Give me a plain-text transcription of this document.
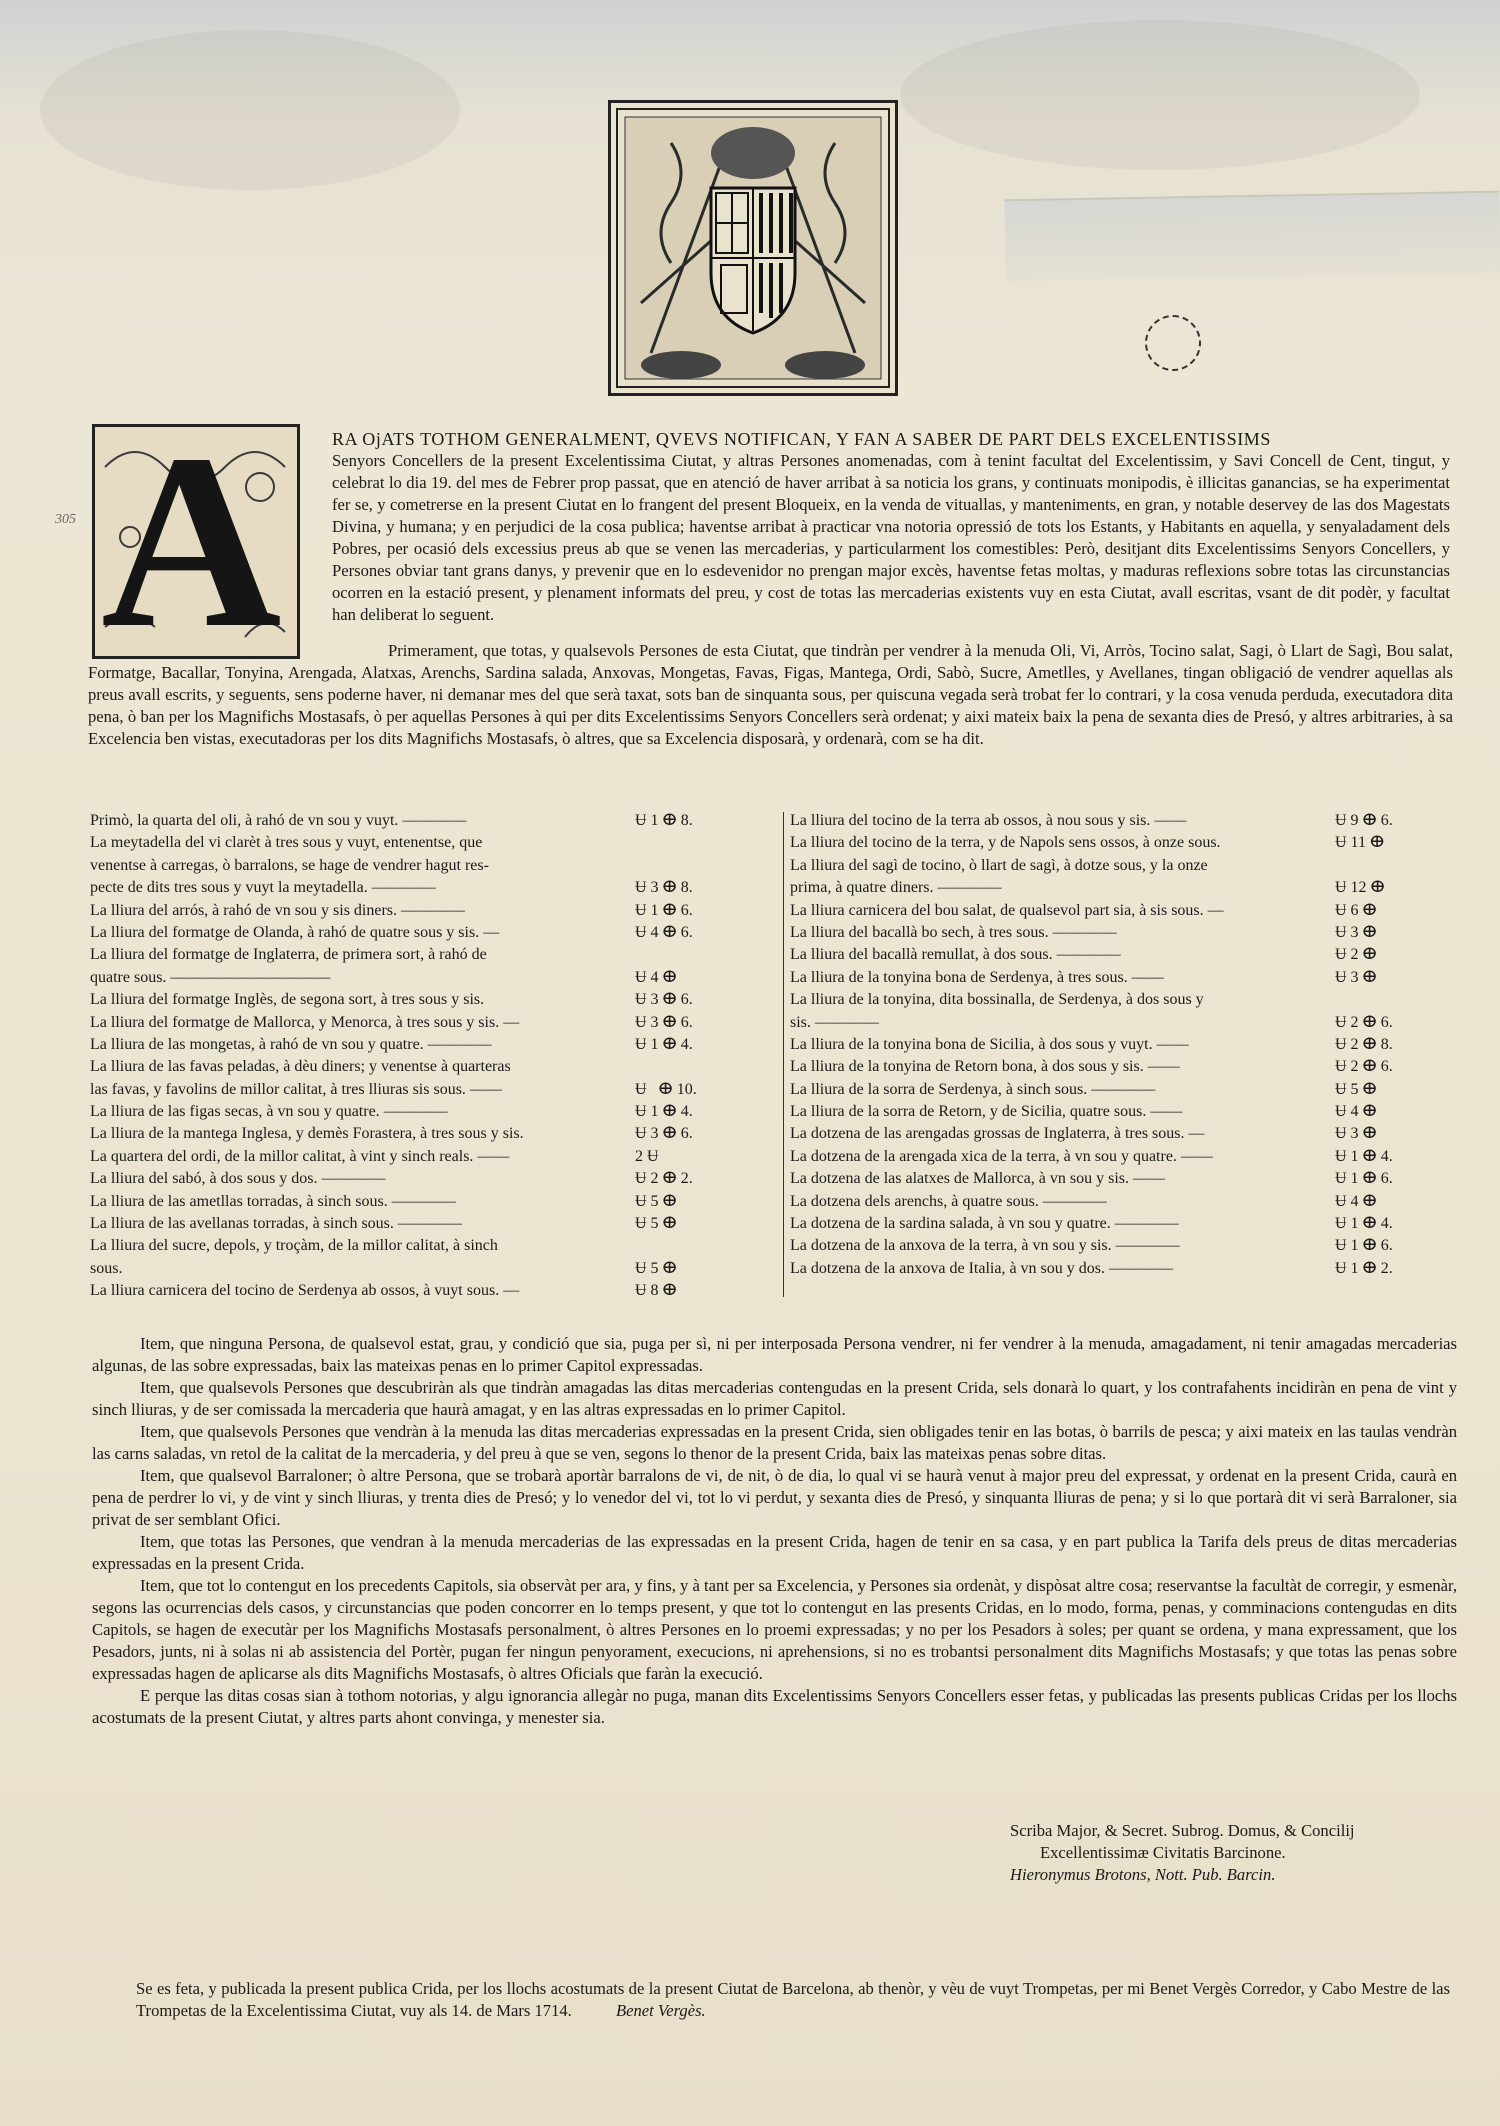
A	RA OjATS TOTHOM GENERALMENT, QVEVS NOTIFICAN, Y FAN A SABER DE PART DELS EXCELENTISSIMS
Senyors Concellers de la present Excelentissima Ciutat, y altras Persones anomenadas, com à tenint facultat del Excelentissim, y Savi Concell de Cent, tingut, y celebrat lo dia 19. del mes de Febrer prop passat, que en atenció de haver arribat à sa noticia los grans, y continuats monipodis, è illicitas ganancias, se ha experimentat fer se, y cometrerse en la present Ciutat en lo frangent del present Bloqueix, en la venda de vituallas, y manteniments, en gran, y notable deservey de las dos Magestats Divina, y humana; y en perjudici de la cosa publica; haventse arribat à practicar vna notoria opressió de tots los Estants, y Habitants en aquella, y senyaladament dels Pobres, per ocasió dels excessius preus ab que se venen las mercaderias, y particularment los comestibles: Però, desitjant dits Excelentissims Senyors Concellers, y Persones obviar tant grans danys, y prevenir que en lo esdevenidor no prengan major excès, haventse fetas moltas, y maduras reflexions sobre totas las circunstancias ocorren en la estació present, y plenament informats del preu, y cost de totas las mercaderias existents vuy en esta Ciutat, avall escritas, vsant de dit podèr, y facultat han deliberat lo seguent.
Primerament, que totas, y qualsevols Persones de esta Ciutat, que tindràn per vendrer à la menuda Oli, Vi, Arròs, Tocino salat, Sagi, ò Llart de Sagì, Bou salat, Formatge, Bacallar, Tonyina, Arengada, Alatxas, Arenchs, Sardina salada, Anxovas, Mongetas, Favas, Figas, Mantega, Ordi, Sabò, Sucre, Ametlles, y Avellanes, tingan obligació de vendrer aquellas als preus avall escrits, y seguents, sens poderne haver, ni demanar mes del que serà taxat, sots ban de sinquanta sous, per quiscuna vegada serà trobat fer lo contrari, y la cosa venuda perduda, executadora dita pena, ò ban per los Magnifichs Mostasafs, ò per aquellas Persones à qui per dits Excelentissims Senyors Concellers serà ordenat; y aixi mateix baix la pena de sexanta dies de Presó, y altres arbitraries, à sa Excelencia ben vistas, executadoras per los dits Magnifichs Mostasafs, ò altres, que sa Excelencia disposarà, y ordenarà, com se ha dit.
Primò, la quarta del oli, à rahó de vn sou y vuyt. ————	Ʉ 1 ⴲ 8.
La meytadella del vi clarèt à tres sous y vuyt, entenentse, que
venentse à carregas, ò barralons, se hage de vendrer hagut res-
pecte de dits tres sous y vuyt la meytadella. ————	Ʉ 3 ⴲ 8.
La lliura del arrós, à rahó de vn sou y sis diners. ————	Ʉ 1 ⴲ 6.
La lliura del formatge de Olanda, à rahó de quatre sous y sis. —	Ʉ 4 ⴲ 6.
La lliura del formatge de Inglaterra, de primera sort, à rahó de
quatre sous. ——————————	Ʉ 4 ⴲ
La lliura del formatge Inglès, de segona sort, à tres sous y sis.	Ʉ 3 ⴲ 6.
La lliura del formatge de Mallorca, y Menorca, à tres sous y sis. —	Ʉ 3 ⴲ 6.
La lliura de las mongetas, à rahó de vn sou y quatre. ————	Ʉ 1 ⴲ 4.
La lliura de las favas peladas, à dèu diners; y venentse à quarteras
las favas, y favolins de millor calitat, à tres lliuras sis sous. ——	Ʉ   ⴲ 10.
La lliura de las figas secas, à vn sou y quatre. ————	Ʉ 1 ⴲ 4.
La lliura de la mantega Inglesa, y demès Forastera, à tres sous y sis.	Ʉ 3 ⴲ 6.
La quartera del ordi, de la millor calitat, à vint y sinch reals. ——	2 Ʉ
La lliura del sabó, à dos sous y dos. ————	Ʉ 2 ⴲ 2.
La lliura de las ametllas torradas, à sinch sous. ————	Ʉ 5 ⴲ
La lliura de las avellanas torradas, à sinch sous. ————	Ʉ 5 ⴲ
La lliura del sucre, depols, y troçàm, de la millor calitat, à sinch
sous.	Ʉ 5 ⴲ
La lliura carnicera del tocino de Serdenya ab ossos, à vuyt sous. —	Ʉ 8 ⴲ
La lliura del tocino de la terra ab ossos, à nou sous y sis. ——	Ʉ 9 ⴲ 6.
La lliura del tocino de la terra, y de Napols sens ossos, à onze sous.	Ʉ 11 ⴲ
La lliura del sagì de tocino, ò llart de sagì, à dotze sous, y la onze
prima, à quatre diners. ————	Ʉ 12 ⴲ
La lliura carnicera del bou salat, de qualsevol part sia, à sis sous. —	Ʉ 6 ⴲ
La lliura del bacallà bo sech, à tres sous. ————	Ʉ 3 ⴲ
La lliura del bacallà remullat, à dos sous. ————	Ʉ 2 ⴲ
La lliura de la tonyina bona de Serdenya, à tres sous. ——	Ʉ 3 ⴲ
La lliura de la tonyina, dita bossinalla, de Serdenya, à dos sous y
sis. ————	Ʉ 2 ⴲ 6.
La lliura de la tonyina bona de Sicilia, à dos sous y vuyt. ——	Ʉ 2 ⴲ 8.
La lliura de la tonyina de Retorn bona, à dos sous y sis. ——	Ʉ 2 ⴲ 6.
La lliura de la sorra de Serdenya, à sinch sous. ————	Ʉ 5 ⴲ
La lliura de la sorra de Retorn, y de Sicilia, quatre sous. ——	Ʉ 4 ⴲ
La dotzena de las arengadas grossas de Inglaterra, à tres sous. —	Ʉ 3 ⴲ
La dotzena de la arengada xica de la terra, à vn sou y quatre. ——	Ʉ 1 ⴲ 4.
La dotzena de las alatxes de Mallorca, à vn sou y sis. ——	Ʉ 1 ⴲ 6.
La dotzena dels arenchs, à quatre sous. ————	Ʉ 4 ⴲ
La dotzena de la sardina salada, à vn sou y quatre. ————	Ʉ 1 ⴲ 4.
La dotzena de la anxova de la terra, à vn sou y sis. ————	Ʉ 1 ⴲ 6.
La dotzena de la anxova de Italia, à vn sou y dos. ————	Ʉ 1 ⴲ 2.

Item, que ninguna Persona, de qualsevol estat, grau, y condició que sia, puga per sì, ni per interposada Persona vendrer, ni fer vendrer à la menuda, amagadament, ni tenir amagadas mercaderias algunas, de las sobre expressadas, baix las mateixas penas en lo primer Capitol expressadas.

Item, que qualsevols Persones que descubriràn als que tindràn amagadas las ditas mercaderias contengudas en la present Crida, sels donarà lo quart, y los contrafahents incidiràn en pena de vint y sinch lliuras, y de ser comissada la mercaderia que haurà amagat, y en las altras expressadas en lo primer Capitol.

Item, que qualsevols Persones que vendràn à la menuda las ditas mercaderias expressadas en la present Crida, sien obligades tenir en las botas, ò barrils de pesca; y aixi mateix en las taulas vendràn las carns saladas, vn retol de la calitat de la mercaderia, y del preu à que se ven, segons lo thenor de la present Crida, baix las mateixas penas sobre ditas.

Item, que qualsevol Barraloner; ò altre Persona, que se trobarà aportàr barralons de vi, de nit, ò de dia, lo qual vi se haurà venut à major preu del expressat, y ordenat en la present Crida, caurà en pena de perdrer lo vi, y de vint y sinch lliuras, y trenta dies de Presó; y lo venedor del vi, tot lo vi perdut, y sexanta dies de Presó, y sinquanta lliuras de pena; y si lo que portarà dit vi serà Barraloner, sia privat de ser semblant Ofici.

Item, que totas las Persones, que vendran à la menuda mercaderias de las expressadas en la present Crida, hagen de tenir en sa casa, y en part publica la Tarifa dels preus de ditas mercaderias expressadas en la present Crida.

Item, que tot lo contengut en los precedents Capitols, sia observàt per ara, y fins, y à tant per sa Excelencia, y Persones sia ordenàt, y dispòsat altre cosa; reservantse la facultàt de corregir, y esmenàr, segons las ocurrencias dels casos, y circunstancias que poden concorrer en lo temps present, y que tot lo contengut en las presents Cridas, en lo modo, forma, penas, y comminacions contengudas en dits Capitols, se hagen de executàr per los Magnifichs Mostasafs personalment, ò altres Persones en lo proemi expressadas; y no per los Pesadors à soles; per quant se ordena, y mana expressament, que los Pesadors, junts, ni à solas ni ab assistencia del Portèr, pugan fer ningun penyorament, execucions, ni aprehensions, si no es trobantsi personalment dits Magnifichs Mostasafs; y que totas las penas sobre expressadas hagen de aplicarse als dits Magnifichs Mostasafs, ò altres Oficials que faràn la execució.

E perque las ditas cosas sian à tothom notorias, y algu ignorancia allegàr no puga, manan dits Excelentissims Senyors Concellers esser fetas, y publicadas las presents publicas Cridas per los llochs acostumats de la present Ciutat, y altres parts ahont convinga, y menester sia.

Scriba Major, & Secret. Subrog. Domus, & Concilij
Excellentissimæ Civitatis Barcinone.
Hieronymus Brotons, Nott. Pub. Barcin.
Se es feta, y publicada la present publica Crida, per los llochs acostumats de la present Ciutat de Barcelona, ab thenòr, y vèu de vuyt Trompetas, per mi Benet Vergès Corredor, y Cabo Mestre de las Trompetas de la Excelentissima Ciutat, vuy als 14. de Mars 1714.	Benet Vergès.
305
